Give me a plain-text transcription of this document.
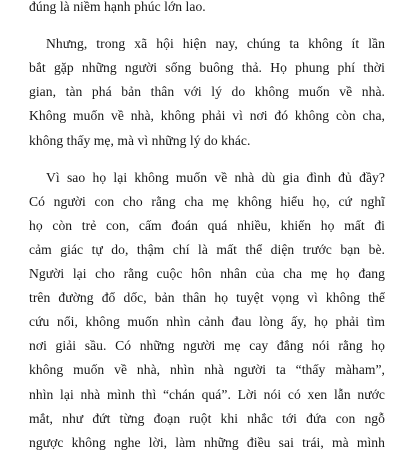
đúng là niềm hạnh phúc lớn lao.
Nhưng, trong xã hội hiện nay, chúng ta không ít lần
bắt gặp những người sống buông thả. Họ phung phí thời
gian, tàn phá bản thân với lý do không muốn về nhà.
Không muốn về nhà, không phải vì nơi đó không còn cha,
không thấy mẹ, mà vì những lý do khác.
Vì sao họ lại không muốn về nhà dù gia đình đủ đầy?
Có người con cho rằng cha mẹ không hiểu họ, cứ nghĩ
họ còn trẻ con, cấm đoán quá nhiều, khiến họ mất đi
cảm giác tự do, thậm chí là mất thể diện trước bạn bè.
Người lại cho rằng cuộc hôn nhân của cha mẹ họ đang
trên đường đổ dốc, bản thân họ tuyệt vọng vì không thể
cứu nổi, không muốn nhìn cảnh đau lòng ấy, họ phải tìm
nơi giải sầu. Có những người mẹ cay đắng nói rằng họ
không muốn về nhà, nhìn nhà người ta “thấy màham”,
nhìn lại nhà mình thì “chán quá”. Lời nói có xen lẫn nước
mắt, như đứt từng đoạn ruột khi nhắc tới đứa con ngỗ
ngược không nghe lời, làm những điều sai trái, mà mình
